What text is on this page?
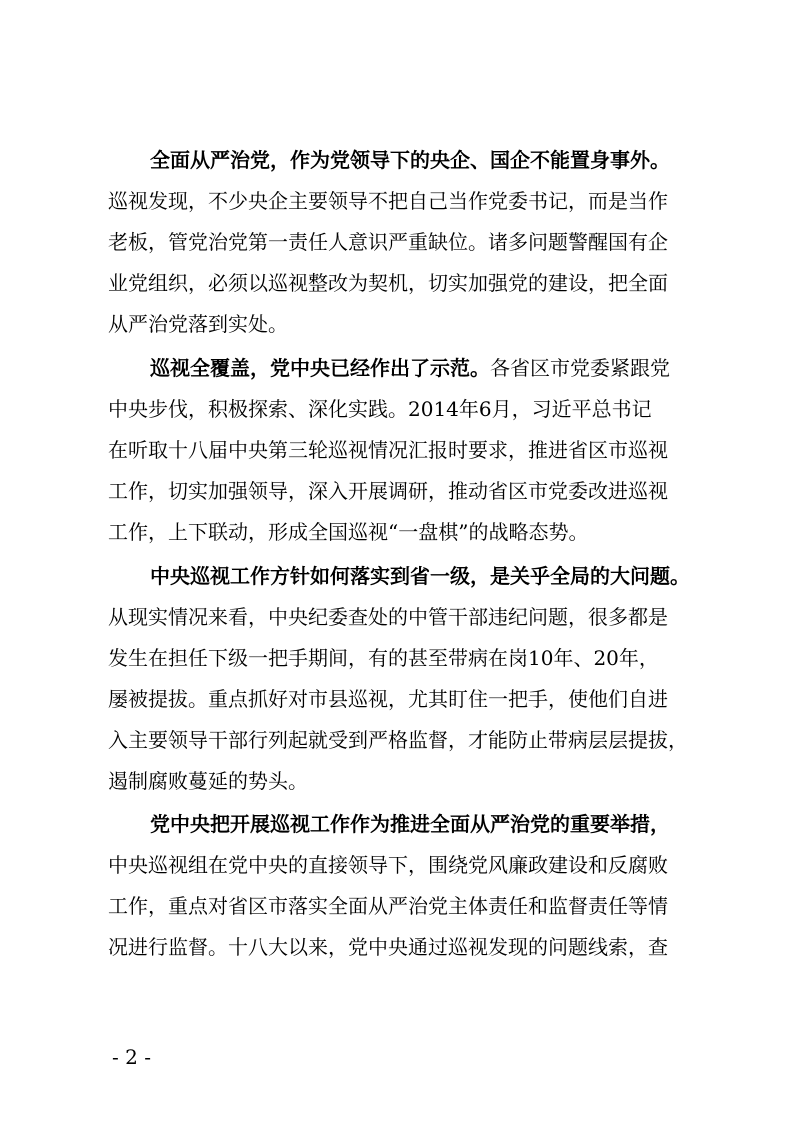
全面从严治党，作为党领导下的央企、国企不能置身事外。
巡视发现，不少央企主要领导不把自己当作党委书记，而是当作
老板，管党治党第一责任人意识严重缺位。诸多问题警醒国有企
业党组织，必须以巡视整改为契机，切实加强党的建设，把全面
从严治党落到实处。
巡视全覆盖，党中央已经作出了示范。各省区市党委紧跟党
中央步伐，积极探索、深化实践。2014年6月，习近平总书记
在听取十八届中央第三轮巡视情况汇报时要求，推进省区市巡视
工作，切实加强领导，深入开展调研，推动省区市党委改进巡视
工作，上下联动，形成全国巡视“一盘棋”的战略态势。
中央巡视工作方针如何落实到省一级，是关乎全局的大问题。
从现实情况来看，中央纪委查处的中管干部违纪问题，很多都是
发生在担任下级一把手期间，有的甚至带病在岗10年、20年，
屡被提拔。重点抓好对市县巡视，尤其盯住一把手，使他们自进
入主要领导干部行列起就受到严格监督，才能防止带病层层提拔，
遏制腐败蔓延的势头。
党中央把开展巡视工作作为推进全面从严治党的重要举措，
中央巡视组在党中央的直接领导下，围绕党风廉政建设和反腐败
工作，重点对省区市落实全面从严治党主体责任和监督责任等情
况进行监督。十八大以来，党中央通过巡视发现的问题线索，查
- 2 -
